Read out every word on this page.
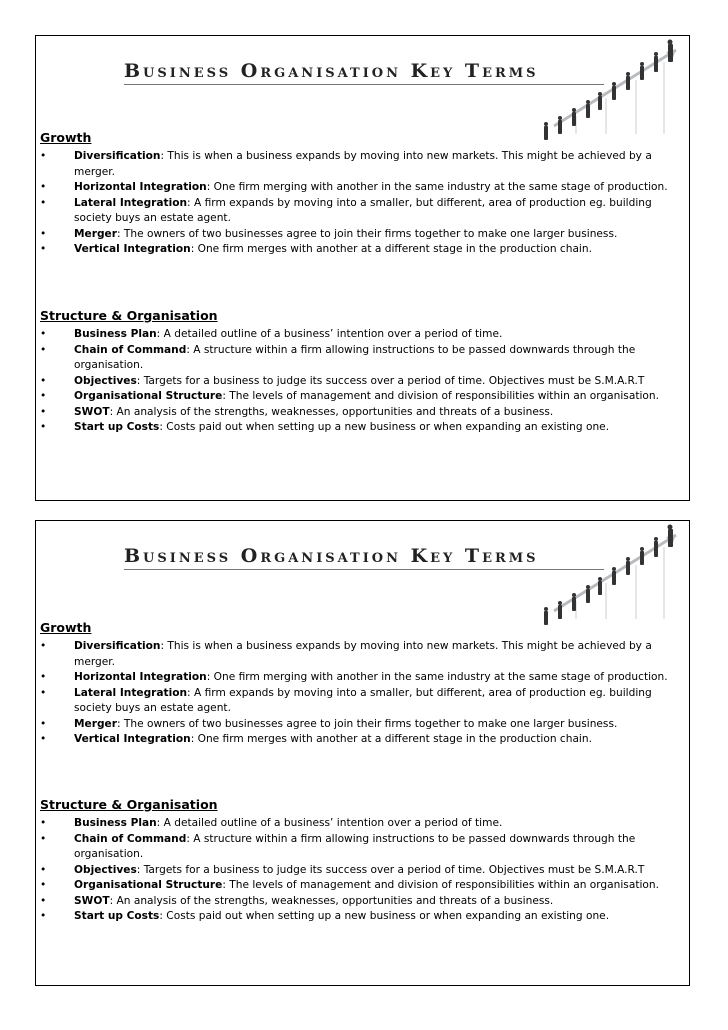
Business Organisation Key Terms
Growth
•	Diversification: This is when a business expands by moving into new markets. This might be achieved by a merger.
•	Horizontal Integration: One firm merging with another in the same industry at the same stage of production.
•	Lateral Integration: A firm expands by moving into a smaller, but different, area of production eg. building society buys an estate agent.
•	Merger: The owners of two businesses agree to join their firms together to make one larger business.
•	Vertical Integration: One firm merges with another at a different stage in the production chain.
Structure & Organisation
•	Business Plan: A detailed outline of a business’ intention over a period of time.
•	Chain of Command: A structure within a firm allowing instructions to be passed downwards through the organisation.
•	Objectives: Targets for a business to judge its success over a period of time. Objectives must be S.M.A.R.T
•	Organisational Structure: The levels of management and division of responsibilities within an organisation.
•	SWOT: An analysis of the strengths, weaknesses, opportunities and threats of a business.
•	Start up Costs: Costs paid out when setting up a new business or when expanding an existing one.
Business Organisation Key Terms
Growth
•	Diversification: This is when a business expands by moving into new markets. This might be achieved by a merger.
•	Horizontal Integration: One firm merging with another in the same industry at the same stage of production.
•	Lateral Integration: A firm expands by moving into a smaller, but different, area of production eg. building society buys an estate agent.
•	Merger: The owners of two businesses agree to join their firms together to make one larger business.
•	Vertical Integration: One firm merges with another at a different stage in the production chain.
Structure & Organisation
•	Business Plan: A detailed outline of a business’ intention over a period of time.
•	Chain of Command: A structure within a firm allowing instructions to be passed downwards through the organisation.
•	Objectives: Targets for a business to judge its success over a period of time. Objectives must be S.M.A.R.T
•	Organisational Structure: The levels of management and division of responsibilities within an organisation.
•	SWOT: An analysis of the strengths, weaknesses, opportunities and threats of a business.
•	Start up Costs: Costs paid out when setting up a new business or when expanding an existing one.
